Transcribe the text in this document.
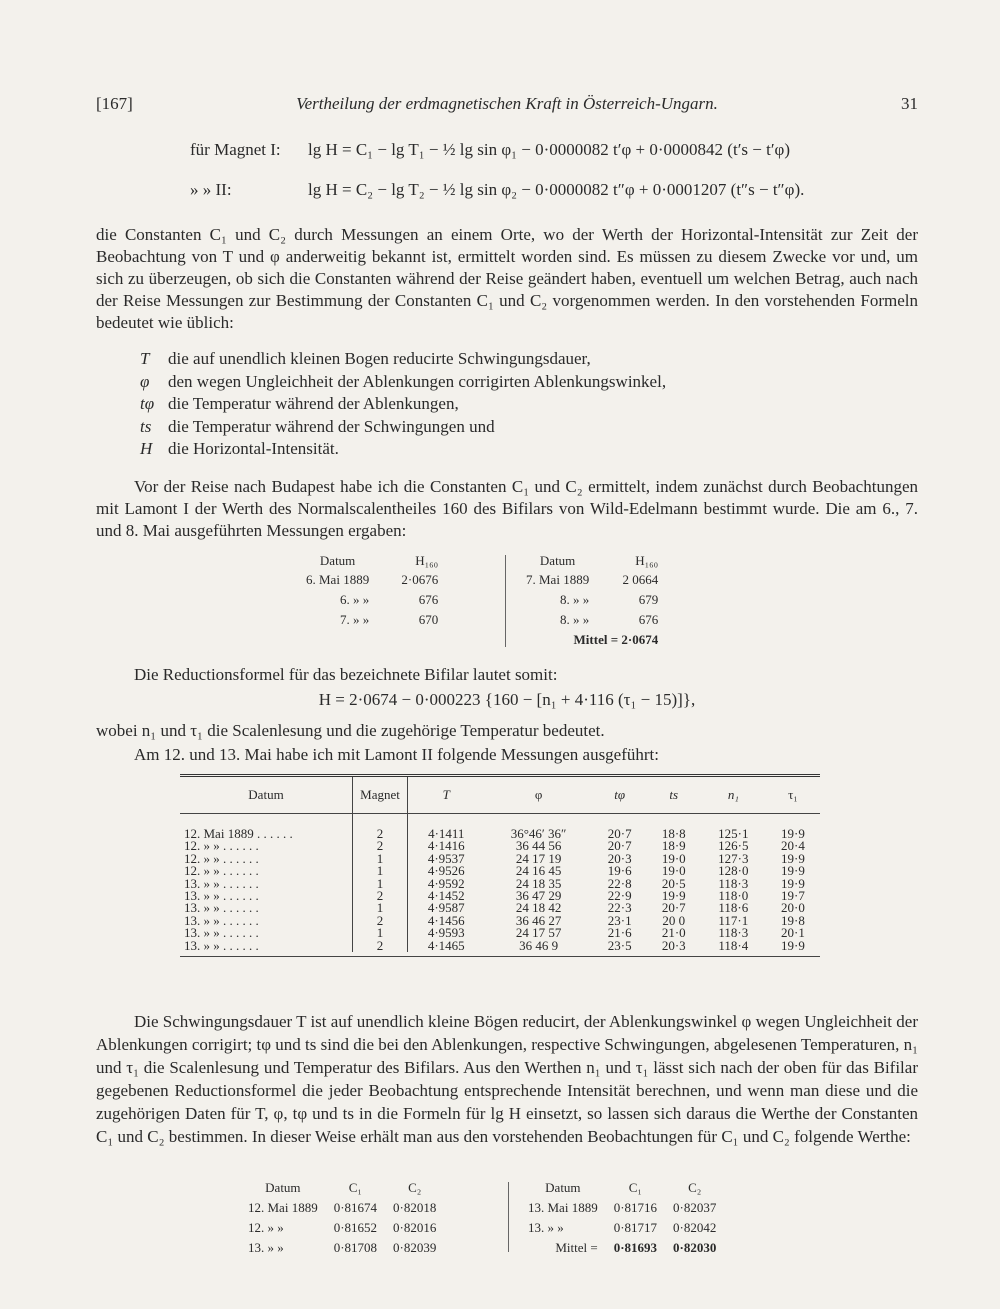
[167]	Vertheilung der erdmagnetischen Kraft in Österreich-Ungarn.	31
für Magnet I: lg H = C₁ − lg T₁ − ½ lg sin φ₁ − 0·0000082 t′φ + 0·0000842 (t′s − t′φ)
» » II:	lg H = C₂ − lg T₂ − ½ lg sin φ₂ − 0·0000082 t″φ + 0·0001207 (t″s − t″φ).

die Constanten C₁ und C₂ durch Messungen an einem Orte, wo der Werth der Horizontal-Intensität zur Zeit der Beobachtung von T und φ anderweitig bekannt ist, ermittelt worden sind. Es müssen zu diesem Zwecke vor und, um sich zu überzeugen, ob sich die Constanten während der Reise geändert haben, eventuell um welchen Betrag, auch nach der Reise Messungen zur Bestimmung der Constanten C₁ und C₂ vorgenommen werden. In den vorstehenden Formeln bedeutet wie üblich:

T die auf unendlich kleinen Bogen reducirte Schwingungsdauer,
φ den wegen Ungleichheit der Ablenkungen corrigirten Ablenkungswinkel,
tφ die Temperatur während der Ablenkungen,
ts die Temperatur während der Schwingungen und
H die Horizontal-Intensität.

Vor der Reise nach Budapest habe ich die Constanten C₁ und C₂ ermittelt, indem zunächst durch Beobachtungen mit Lamont I der Werth des Normalscalentheiles 160 des Bifilars von Wild-Edelmann bestimmt wurde. Die am 6., 7. und 8. Mai ausgeführten Messungen ergaben:

Datum	H₁₆₀
6. Mai 1889	2·0676
6. » »	676
7. » »	670
Datum	H₁₆₀
7. Mai 1889	2 0664
8. » »	679
8. » »	676
Mittel = 2·0674	

Die Reductionsformel für das bezeichnete Bifilar lautet somit:

H = 2·0674 − 0·000223 {160 − [n₁ + 4·116 (τ₁ − 15)]},

wobei n₁ und τ₁ die Scalenlesung und die zugehörige Temperatur bedeutet.

Am 12. und 13. Mai habe ich mit Lamont II folgende Messungen ausgeführt:

Datum	Magnet	T	φ	tφ	ts	n₁	τ₁

12. Mai 1889 . . . . . .	2	4·1411	36°46′ 36″	20·7	18·8	125·1	19·9
12. » » . . . . . .	2	4·1416	36 44 56	20·7	18·9	126·5	20·4
12. » » . . . . . .	1	4·9537	24 17 19	20·3	19·0	127·3	19·9
12. » » . . . . . .	1	4·9526	24 16 45	19·6	19·0	128·0	19·9
13. » » . . . . . .	1	4·9592	24 18 35	22·8	20·5	118·3	19·9
13. » » . . . . . .	2	4·1452	36 47 29	22·9	19·9	118·0	19·7
13. » » . . . . . .	1	4·9587	24 18 42	22·3	20·7	118·6	20·0
13. » » . . . . . .	2	4·1456	36 46 27	23·1	20 0	117·1	19·8
13. » » . . . . . .	1	4·9593	24 17 57	21·6	21·0	118·3	20·1
13. » » . . . . . .	2	4·1465	36 46 9	23·5	20·3	118·4	19·9

Die Schwingungsdauer T ist auf unendlich kleine Bögen reducirt, der Ablenkungswinkel φ wegen Ungleichheit der Ablenkungen corrigirt; tφ und ts sind die bei den Ablenkungen, respective Schwingungen, abgelesenen Temperaturen, n₁ und τ₁ die Scalenlesung und Temperatur des Bifilars. Aus den Werthen n₁ und τ₁ lässt sich nach der oben für das Bifilar gegebenen Reductionsformel die jeder Beobachtung entsprechende Intensität berechnen, und wenn man diese und die zugehörigen Daten für T, φ, tφ und ts in die Formeln für lg H einsetzt, so lassen sich daraus die Werthe der Constanten C₁ und C₂ bestimmen. In dieser Weise erhält man aus den vorstehenden Beobachtungen für C₁ und C₂ folgende Werthe:

Datum	C₁	C₂
12. Mai 1889	0·81674	0·82018
12. » »	0·81652	0·82016
13. » »	0·81708	0·82039
Datum	C₁	C₂
13. Mai 1889	0·81716	0·82037
13. » »	0·81717	0·82042
Mittel =	0·81693	0·82030
